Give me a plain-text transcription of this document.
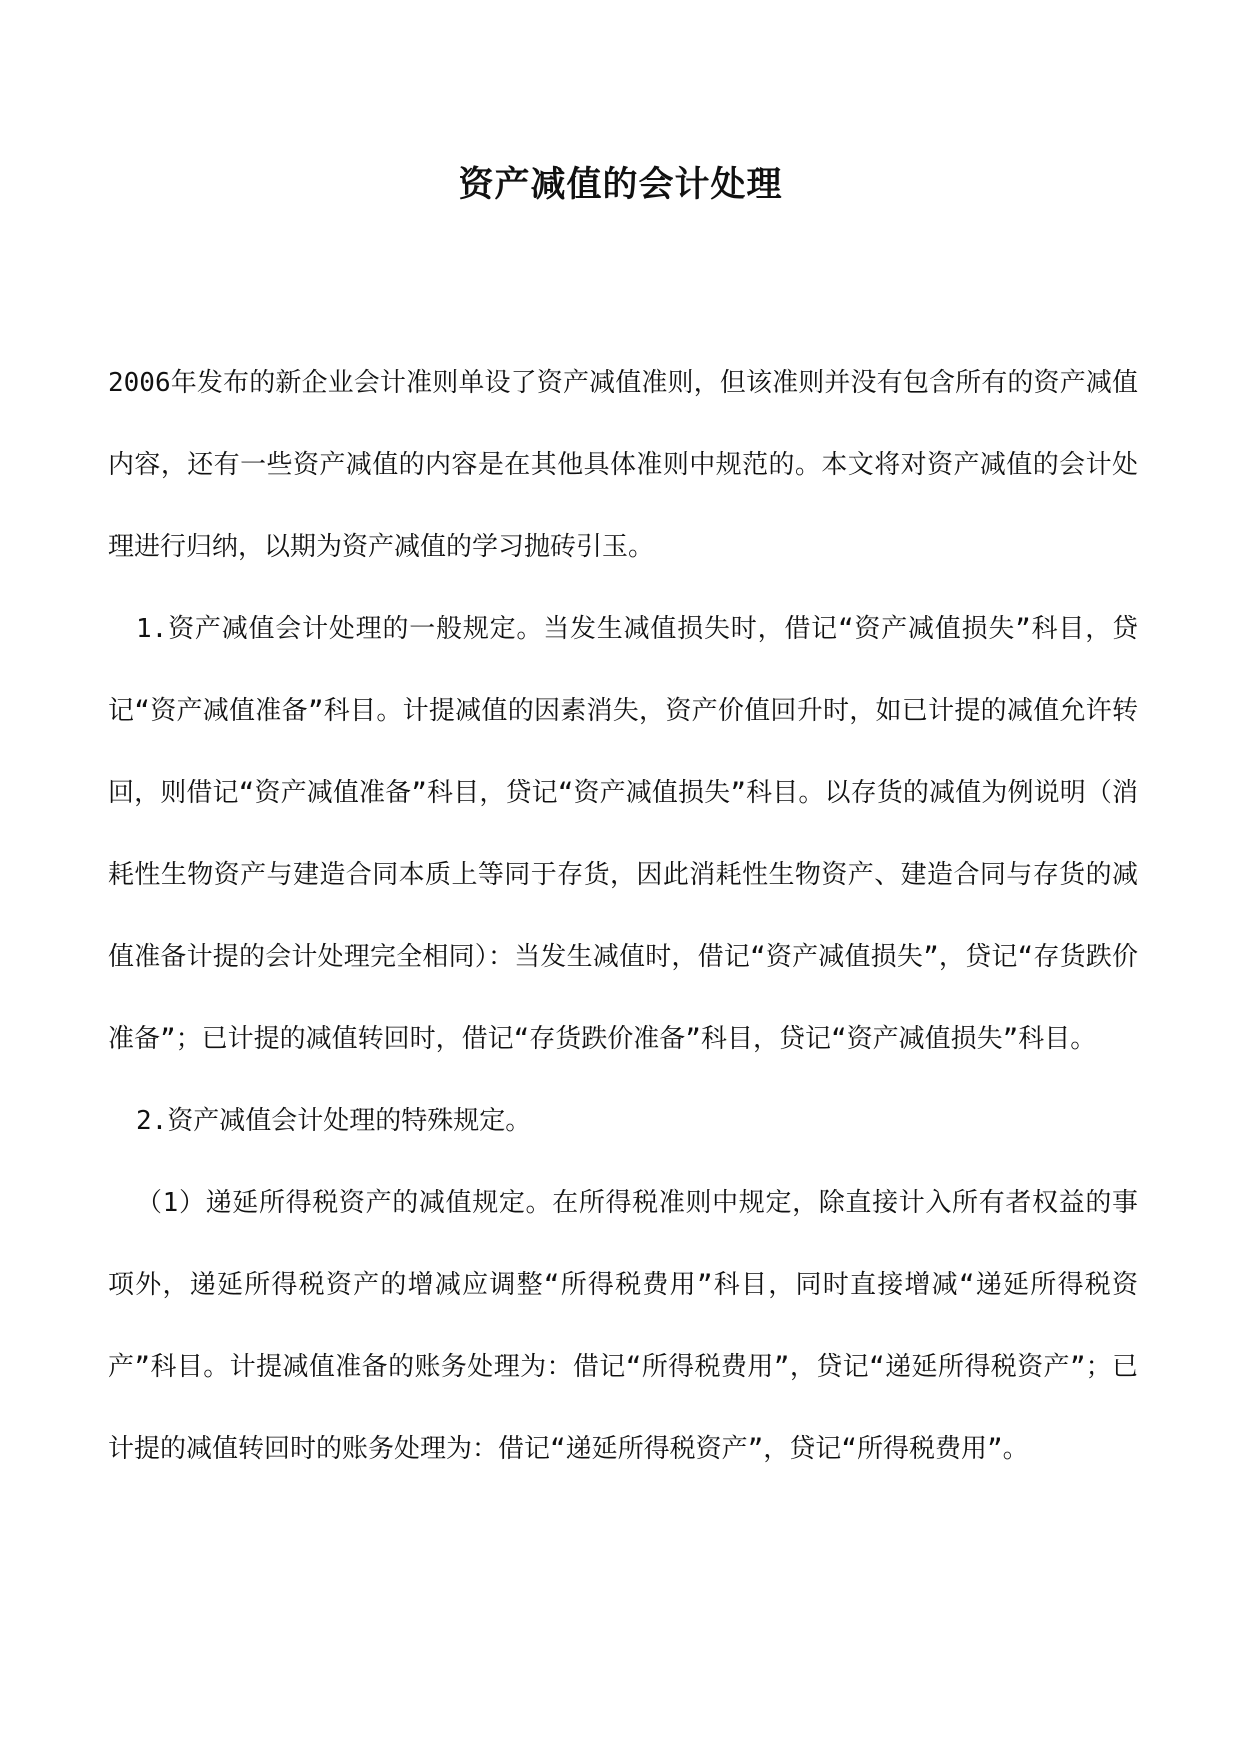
资产减值的会计处理

2006年发布的新企业会计准则单设了资产减值准则，但该准则并没有包含所有的资产减值内容，还有一些资产减值的内容是在其他具体准则中规范的。本文将对资产减值的会计处理进行归纳，以期为资产减值的学习抛砖引玉。

1.资产减值会计处理的一般规定。当发生减值损失时，借记“资产减值损失”科目，贷记“资产减值准备”科目。计提减值的因素消失，资产价值回升时，如已计提的减值允许转回，则借记“资产减值准备”科目，贷记“资产减值损失”科目。以存货的减值为例说明（消耗性生物资产与建造合同本质上等同于存货，因此消耗性生物资产、建造合同与存货的减值准备计提的会计处理完全相同）：当发生减值时，借记“资产减值损失”，贷记“存货跌价准备”；已计提的减值转回时，借记“存货跌价准备”科目，贷记“资产减值损失”科目。

2.资产减值会计处理的特殊规定。

（1）递延所得税资产的减值规定。在所得税准则中规定，除直接计入所有者权益的事项外，递延所得税资产的增减应调整“所得税费用”科目，同时直接增减“递延所得税资产”科目。计提减值准备的账务处理为：借记“所得税费用”，贷记“递延所得税资产”；已计提的减值转回时的账务处理为：借记“递延所得税资产”，贷记“所得税费用”。
